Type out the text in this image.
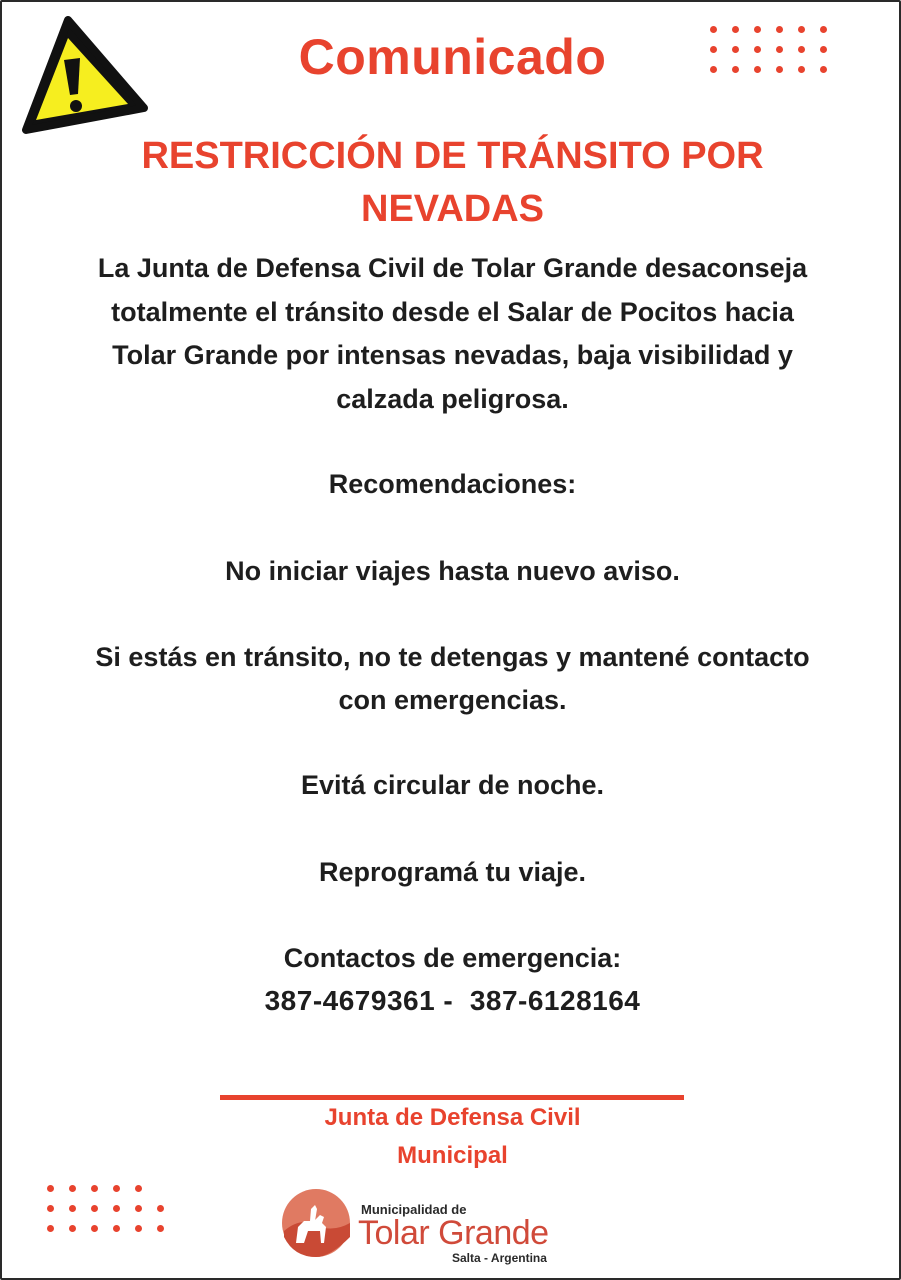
Comunicado
RESTRICCIÓN DE TRÁNSITO POR
NEVADAS
La Junta de Defensa Civil de Tolar Grande desaconseja
totalmente el tránsito desde el Salar de Pocitos hacia
Tolar Grande por intensas nevadas, baja visibilidad y
calzada peligrosa.
Recomendaciones:
No iniciar viajes hasta nuevo aviso.
Si estás en tránsito, no te detengas y mantené contacto
con emergencias.
Evitá circular de noche.
Reprogramá tu viaje.
Contactos de emergencia:
387-4679361 -  387-6128164
Junta de Defensa Civil
Municipal
Municipalidad de
Tolar Grande
Salta - Argentina
